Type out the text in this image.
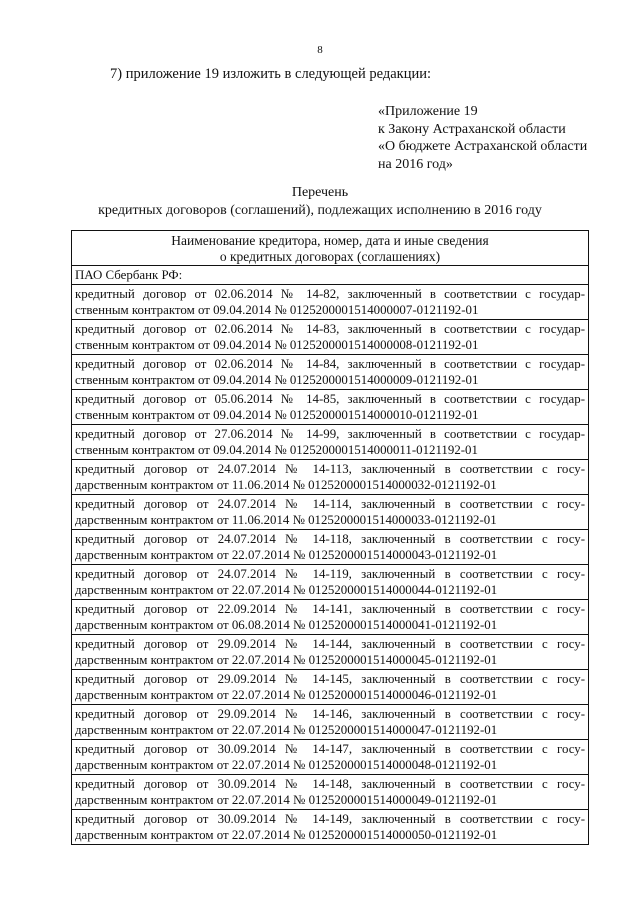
8
7) приложение 19 изложить в следующей редакции:
«Приложение 19
к Закону Астраханской области
«О бюджете Астраханской области
на 2016 год»
Перечень
кредитных договоров (соглашений), подлежащих исполнению в 2016 году
Наименование кредитора, номер, дата и иные сведения
о кредитных договорах (соглашениях)

ПАО Сбербанк РФ:

кредитный договор от 02.06.2014 № 14-82, заключенный в соответствии с государ-
ственным контрактом от 09.04.2014 № 0125200001514000007-0121192-01

кредитный договор от 02.06.2014 № 14-83, заключенный в соответствии с государ-
ственным контрактом от 09.04.2014 № 0125200001514000008-0121192-01

кредитный договор от 02.06.2014 № 14-84, заключенный в соответствии с государ-
ственным контрактом от 09.04.2014 № 0125200001514000009-0121192-01

кредитный договор от 05.06.2014 № 14-85, заключенный в соответствии с государ-
ственным контрактом от 09.04.2014 № 0125200001514000010-0121192-01

кредитный договор от 27.06.2014 № 14-99, заключенный в соответствии с государ-
ственным контрактом от 09.04.2014 № 0125200001514000011-0121192-01

кредитный договор от 24.07.2014 № 14-113, заключенный в соответствии с госу-
дарственным контрактом от 11.06.2014 № 0125200001514000032-0121192-01

кредитный договор от 24.07.2014 № 14-114, заключенный в соответствии с госу-
дарственным контрактом от 11.06.2014 № 0125200001514000033-0121192-01

кредитный договор от 24.07.2014 № 14-118, заключенный в соответствии с госу-
дарственным контрактом от 22.07.2014 № 0125200001514000043-0121192-01

кредитный договор от 24.07.2014 № 14-119, заключенный в соответствии с госу-
дарственным контрактом от 22.07.2014 № 0125200001514000044-0121192-01

кредитный договор от 22.09.2014 № 14-141, заключенный в соответствии с госу-
дарственным контрактом от 06.08.2014 № 0125200001514000041-0121192-01

кредитный договор от 29.09.2014 № 14-144, заключенный в соответствии с госу-
дарственным контрактом от 22.07.2014 № 0125200001514000045-0121192-01

кредитный договор от 29.09.2014 № 14-145, заключенный в соответствии с госу-
дарственным контрактом от 22.07.2014 № 0125200001514000046-0121192-01

кредитный договор от 29.09.2014 № 14-146, заключенный в соответствии с госу-
дарственным контрактом от 22.07.2014 № 0125200001514000047-0121192-01

кредитный договор от 30.09.2014 № 14-147, заключенный в соответствии с госу-
дарственным контрактом от 22.07.2014 № 0125200001514000048-0121192-01

кредитный договор от 30.09.2014 № 14-148, заключенный в соответствии с госу-
дарственным контрактом от 22.07.2014 № 0125200001514000049-0121192-01

кредитный договор от 30.09.2014 № 14-149, заключенный в соответствии с госу-
дарственным контрактом от 22.07.2014 № 0125200001514000050-0121192-01
